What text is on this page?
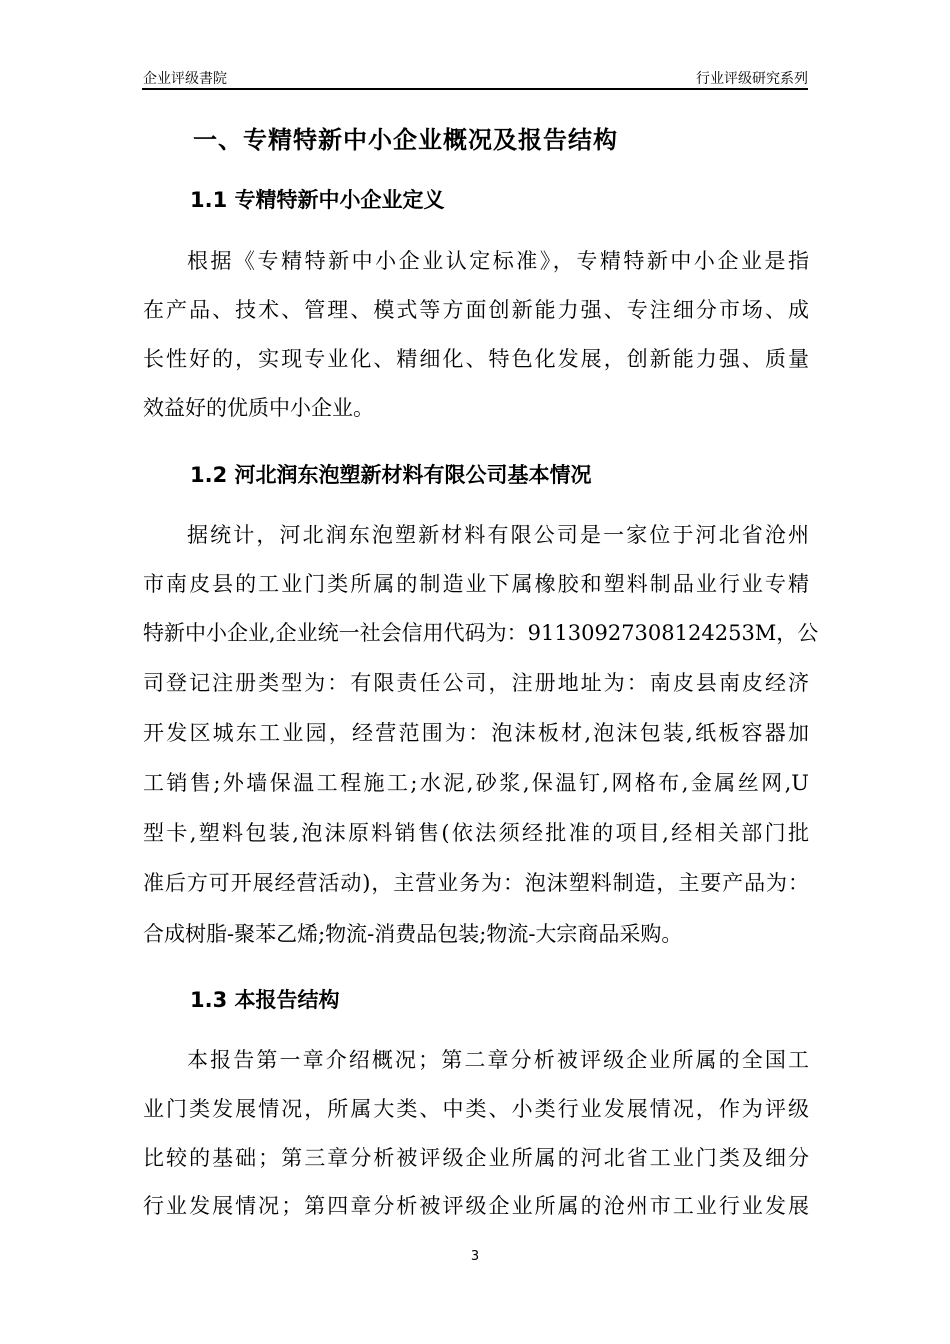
企业评级書院	行业评级研究系列
一、专精特新中小企业概况及报告结构
1.1 专精特新中小企业定义
根据《专精特新中小企业认定标准》，专精特新中小企业是指
在产品、技术、管理、模式等方面创新能力强、专注细分市场、成
长性好的，实现专业化、精细化、特色化发展，创新能力强、质量
效益好的优质中小企业。
1.2 河北润东泡塑新材料有限公司基本情况
据统计，河北润东泡塑新材料有限公司是一家位于河北省沧州
市南皮县的工业门类所属的制造业下属橡胶和塑料制品业行业专精
特新中小企业,企业统一社会信用代码为：91130927308124253M，公
司登记注册类型为：有限责任公司，注册地址为：南皮县南皮经济
开发区城东工业园，经营范围为：泡沫板材,泡沫包装,纸板容器加
工销售;外墙保温工程施工;水泥,砂浆,保温钉,网格布,金属丝网,U
型卡,塑料包装,泡沫原料销售(依法须经批准的项目,经相关部门批
准后方可开展经营活动)，主营业务为：泡沫塑料制造，主要产品为：
合成树脂-聚苯乙烯;物流-消费品包装;物流-大宗商品采购。
1.3 本报告结构
本报告第一章介绍概况；第二章分析被评级企业所属的全国工
业门类发展情况，所属大类、中类、小类行业发展情况，作为评级
比较的基础；第三章分析被评级企业所属的河北省工业门类及细分
行业发展情况；第四章分析被评级企业所属的沧州市工业行业发展
3
